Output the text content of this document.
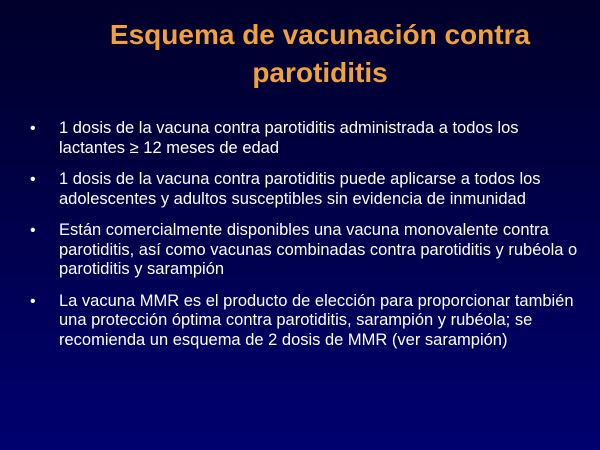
Esquema de vacunación contra parotiditis
•	1 dosis de la vacuna contra parotiditis administrada a todos los lactantes ≥ 12 meses de edad
•	1 dosis de la vacuna contra parotiditis puede aplicarse a todos los adolescentes y adultos susceptibles sin evidencia de inmunidad
•	Están comercialmente disponibles una vacuna monovalente contra parotiditis, así como vacunas combinadas contra parotiditis y rubéola o parotiditis y sarampión
•	La vacuna MMR es el producto de elección para proporcionar también una protección óptima contra parotiditis, sarampión y rubéola; se recomienda un esquema de 2 dosis de MMR (ver sarampión)
